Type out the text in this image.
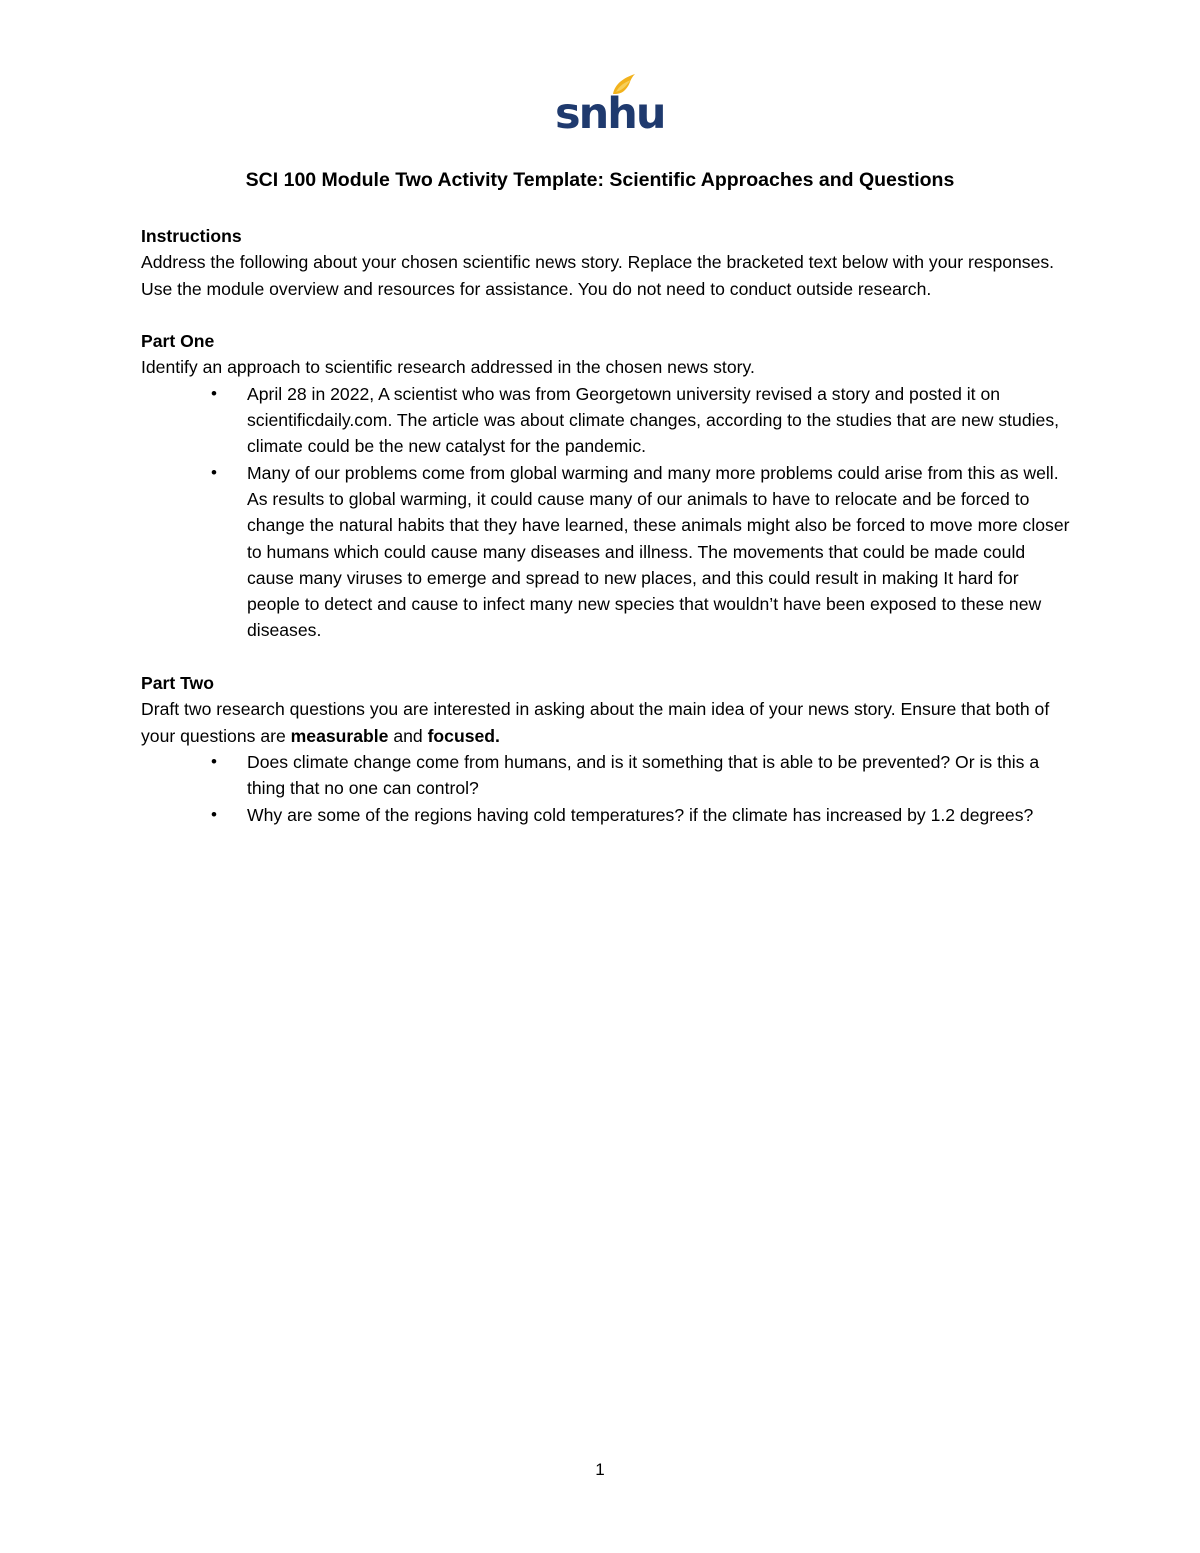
snhu
SCI 100 Module Two Activity Template: Scientific Approaches and Questions

Instructions

Address the following about your chosen scientific news story. Replace the bracketed text below with your responses. Use the module overview and resources for assistance. You do not need to conduct outside research.

Part One

Identify an approach to scientific research addressed in the chosen news story.

• April 28 in 2022, A scientist who was from Georgetown university revised a story and posted it on scientificdaily.com. The article was about climate changes, according to the studies that are new studies, climate could be the new catalyst for the pandemic.
• Many of our problems come from global warming and many more problems could arise from this as well. As results to global warming, it could cause many of our animals to have to relocate and be forced to change the natural habits that they have learned, these animals might also be forced to move more closer to humans which could cause many diseases and illness. The movements that could be made could cause many viruses to emerge and spread to new places, and this could result in making It hard for people to detect and cause to infect many new species that wouldn’t have been exposed to these new diseases.

Part Two

Draft two research questions you are interested in asking about the main idea of your news story. Ensure that both of your questions are measurable and focused.

• Does climate change come from humans, and is it something that is able to be prevented? Or is this a thing that no one can control?
• Why are some of the regions having cold temperatures? if the climate has increased by 1.2 degrees?
1
